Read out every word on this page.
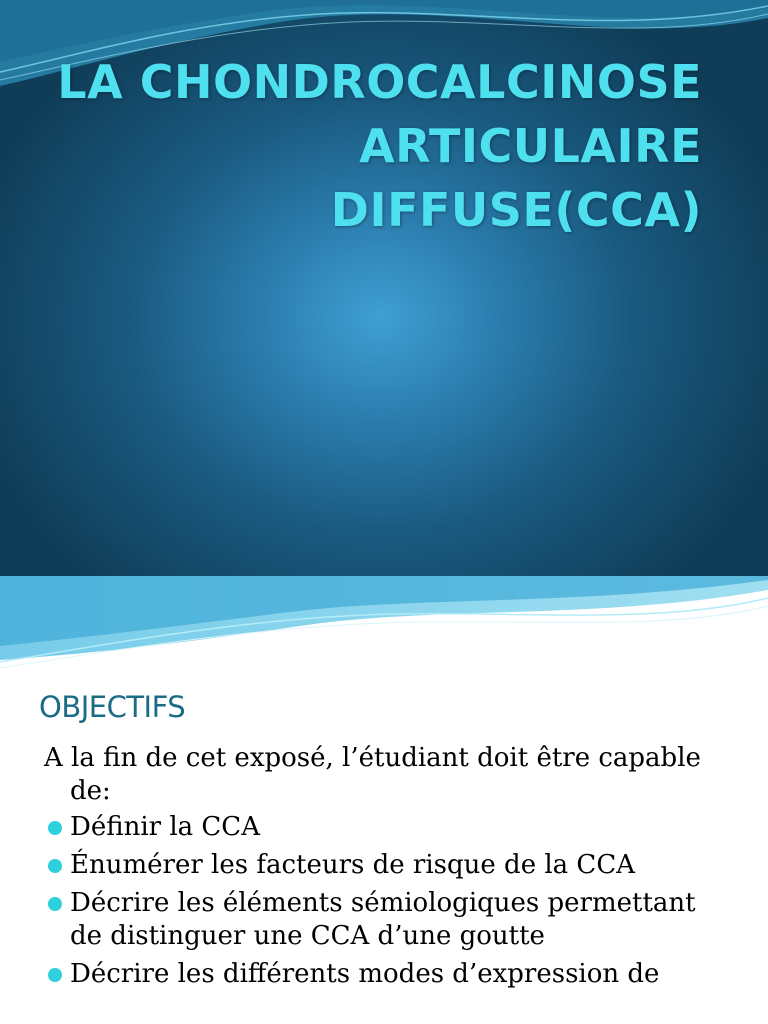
LA CHONDROCALCINOSE
ARTICULAIRE
DIFFUSE(CCA)
OBJECTIFS

A la fin de cet exposé, l’étudiant doit être capable de:

Définir la CCA
Énumérer les facteurs de risque de la CCA
Décrire les éléments sémiologiques permettant de distinguer une CCA d’une goutte
Décrire les différents modes d’expression de
